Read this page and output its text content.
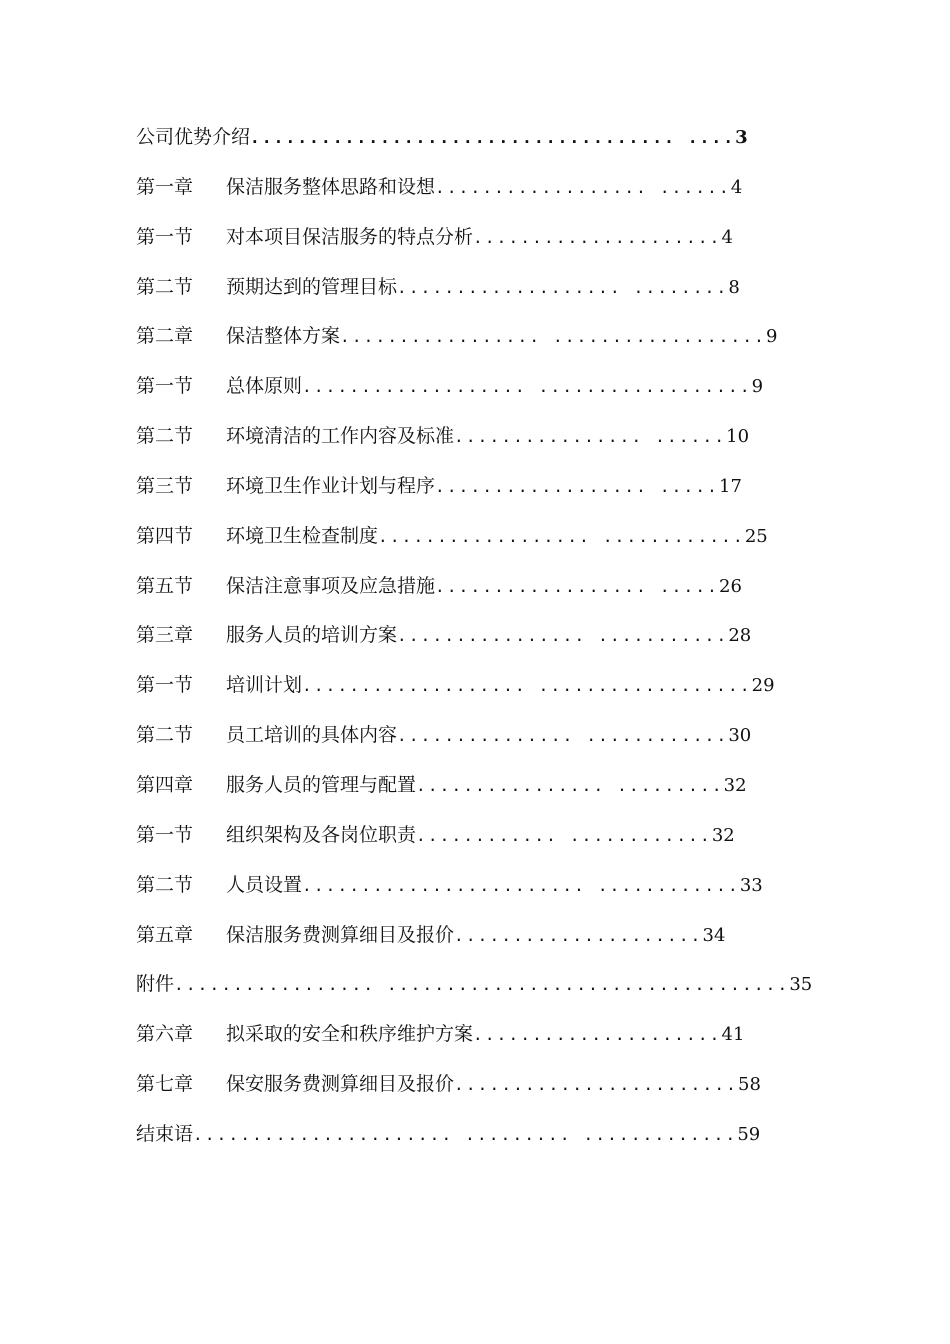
公司优势介绍.................................... ....3
第一章 保洁服务整体思路和设想.................. ......4
第一节 对本项目保洁服务的特点分析.....................4
第二节 预期达到的管理目标................... ........8
第二章 保洁整体方案................. ..................9
第一节 总体原则................... ..................9
第二节 环境清洁的工作内容及标准................ ......10
第三节 环境卫生作业计划与程序.................. .....17
第四节 环境卫生检查制度.................. ............25
第五节 保洁注意事项及应急措施.................. .....26
第三章 服务人员的培训方案................ ...........28
第一节 培训计划................... ..................29
第二节 员工培训的具体内容............... ............30
第四章 服务人员的管理与配置................ .........32
第一节 组织架构及各岗位职责............ ............32
第二节 人员设置........................ ............33
第五章 保洁服务费测算细目及报价.....................34
附件................. ..................................35
第六章 拟采取的安全和秩序维护方案.....................41
第七章 保安服务费测算细目及报价........................58
结束语...................... ......... .............59
